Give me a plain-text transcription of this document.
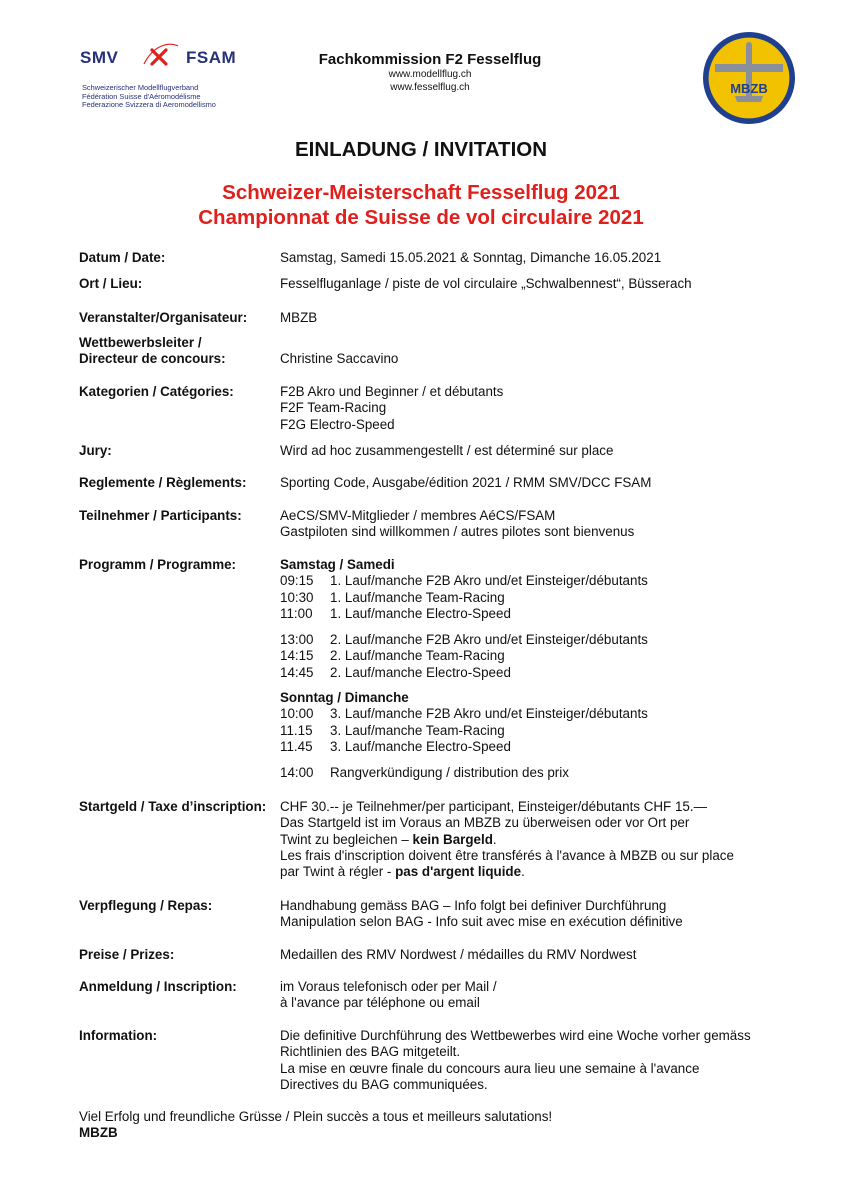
SMV	FSAM
Schweizerischer Modellflugverband
Fédération Suisse d'Aéromodélisme
Federazione Svizzera di Aeromodellismo
Fachkommission F2 Fesselflug
www.modellflug.ch
www.fesselflug.ch	MBZB
EINLADUNG / INVITATION
Schweizer-Meisterschaft Fesselflug 2021
Championnat de Suisse de vol circulaire 2021
Datum / Date:	Samstag, Samedi 15.05.2021 & Sonntag, Dimanche 16.05.2021
Ort / Lieu:	Fesselfluganlage / piste de vol circulaire „Schwalbennest“, Büsserach
Veranstalter/Organisateur:	MBZB
Wettbewerbsleiter /
Directeur de concours:	Christine Saccavino
Kategorien / Catégories:	F2B Akro und Beginner / et débutants
F2F Team-Racing
F2G Electro-Speed
Jury:	Wird ad hoc zusammengestellt / est déterminé sur place
Reglemente / Règlements:	Sporting Code, Ausgabe/édition 2021 / RMM SMV/DCC FSAM
Teilnehmer / Participants:	AeCS/SMV-Mitglieder / membres AéCS/FSAM
Gastpiloten sind willkommen / autres pilotes sont bienvenus
Programm / Programme:	Samstag / Samedi
09:15 1. Lauf/manche F2B Akro und/et Einsteiger/débutants
10:30 1. Lauf/manche Team-Racing
11:00 1. Lauf/manche Electro-Speed
13:00 2. Lauf/manche F2B Akro und/et Einsteiger/débutants
14:15 2. Lauf/manche Team-Racing
14:45 2. Lauf/manche Electro-Speed
Sonntag / Dimanche
10:00 3. Lauf/manche F2B Akro und/et Einsteiger/débutants
11.15 3. Lauf/manche Team-Racing
11.45 3. Lauf/manche Electro-Speed
14:00 Rangverkündigung / distribution des prix
Startgeld / Taxe d’inscription:	CHF 30.-- je Teilnehmer/per participant, Einsteiger/débutants CHF 15.—
Das Startgeld ist im Voraus an MBZB zu überweisen oder vor Ort per
Twint zu begleichen – kein Bargeld.
Les frais d'inscription doivent être transférés à l'avance à MBZB ou sur place
par Twint à régler - pas d'argent liquide.
Verpflegung / Repas:	Handhabung gemäss BAG – Info folgt bei definiver Durchführung
Manipulation selon BAG - Info suit avec mise en exécution définitive
Preise / Prizes:	Medaillen des RMV Nordwest / médailles du RMV Nordwest
Anmeldung / Inscription:	im Voraus telefonisch oder per Mail /
à l'avance par téléphone ou email
Information:	Die definitive Durchführung des Wettbewerbes wird eine Woche vorher gemäss
Richtlinien des BAG mitgeteilt.
La mise en œuvre finale du concours aura lieu une semaine à l'avance
Directives du BAG communiquées.
Viel Erfolg und freundliche Grüsse / Plein succès a tous et meilleurs salutations!
MBZB
